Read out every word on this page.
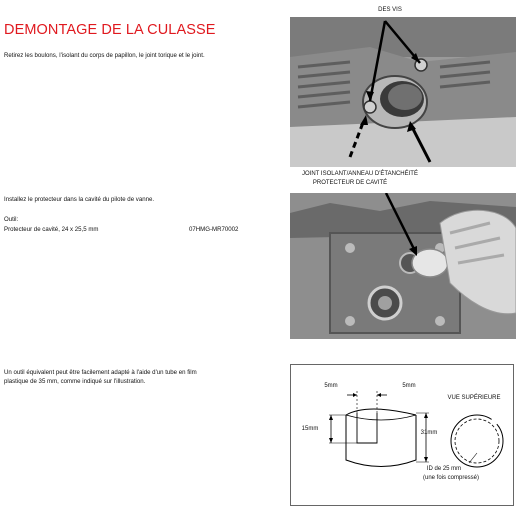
DEMONTAGE DE LA CULASSE
Retirez les boulons, l'isolant du corps de papillon, le joint torique et le joint.
DES VIS
JOINT ISOLANT/ANNEAU D'ÉTANCHÉITÉ
PROTECTEUR DE CAVITÉ
Installez le protecteur dans la cavité du pilote de vanne.
Outil:
Protecteur de cavité, 24 x 25,5 mm	07HMG-MR70002
Un outil équivalent peut être facilement adapté à l'aide d'un tube en film
plastique de 35 mm, comme indiqué sur l'illustration.
5mm	5mm
15mm
31mm
VUE SUPÉRIEURE
ID de 25 mm
(une fois compressé)
